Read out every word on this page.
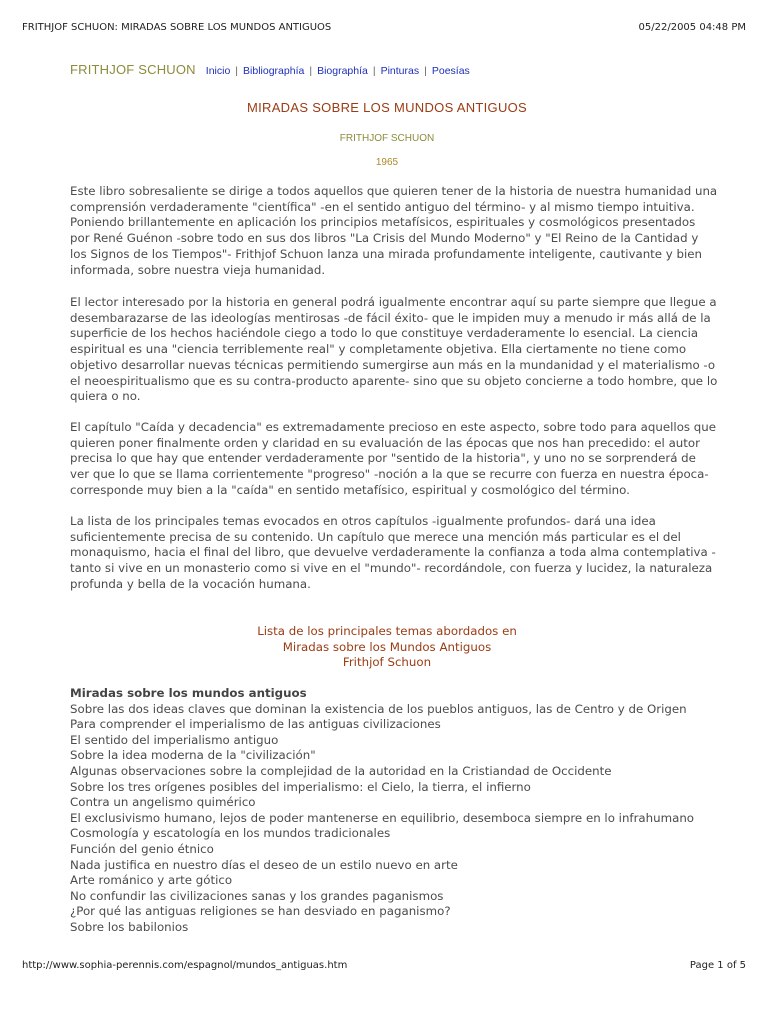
FRITHJOF SCHUON: MIRADAS SOBRE LOS MUNDOS ANTIGUOS	05/22/2005 04:48 PM
FRITHJOF SCHUON Inicio | Bibliographía | Biographía | Pinturas | Poesías
MIRADAS SOBRE LOS MUNDOS ANTIGUOS
FRITHJOF SCHUON
1965

Este libro sobresaliente se dirige a todos aquellos que quieren tener de la historia de nuestra humanidad una comprensión verdaderamente "científica" -en el sentido antiguo del término- y al mismo tiempo intuitiva. Poniendo brillantemente en aplicación los principios metafísicos, espirituales y cosmológicos presentados por René Guénon -sobre todo en sus dos libros "La Crisis del Mundo Moderno" y "El Reino de la Cantidad y los Signos de los Tiempos"- Frithjof Schuon lanza una mirada profundamente inteligente, cautivante y bien informada, sobre nuestra vieja humanidad.

El lector interesado por la historia en general podrá igualmente encontrar aquí su parte siempre que llegue a desembarazarse de las ideologías mentirosas -de fácil éxito- que le impiden muy a menudo ir más allá de la superficie de los hechos haciéndole ciego a todo lo que constituye verdaderamente lo esencial. La ciencia espiritual es una "ciencia terriblemente real" y completamente objetiva. Ella ciertamente no tiene como objetivo desarrollar nuevas técnicas permitiendo sumergirse aun más en la mundanidad y el materialismo -o el neoespiritualismo que es su contra-producto aparente- sino que su objeto concierne a todo hombre, que lo quiera o no.

El capítulo "Caída y decadencia" es extremadamente precioso en este aspecto, sobre todo para aquellos que quieren poner finalmente orden y claridad en su evaluación de las épocas que nos han precedido: el autor precisa lo que hay que entender verdaderamente por "sentido de la historia", y uno no se sorprenderá de ver que lo que se llama corrientemente "progreso" -noción a la que se recurre con fuerza en nuestra época- corresponde muy bien a la "caída" en sentido metafísico, espiritual y cosmológico del término.

La lista de los principales temas evocados en otros capítulos -igualmente profundos- dará una idea suficientemente precisa de su contenido. Un capítulo que merece una mención más particular es el del monaquismo, hacia el final del libro, que devuelve verdaderamente la confianza a toda alma contemplativa -tanto si vive en un monasterio como si vive en el "mundo"- recordándole, con fuerza y lucidez, la naturaleza profunda y bella de la vocación humana.

Lista de los principales temas abordados en
Miradas sobre los Mundos Antiguos
Frithjof Schuon
Miradas sobre los mundos antiguos
Sobre las dos ideas claves que dominan la existencia de los pueblos antiguos, las de Centro y de Origen
Para comprender el imperialismo de las antiguas civilizaciones
El sentido del imperialismo antiguo
Sobre la idea moderna de la "civilización"
Algunas observaciones sobre la complejidad de la autoridad en la Cristiandad de Occidente
Sobre los tres orígenes posibles del imperialismo: el Cielo, la tierra, el infierno
Contra un angelismo quimérico
El exclusivismo humano, lejos de poder mantenerse en equilibrio, desemboca siempre en lo infrahumano
Cosmología y escatología en los mundos tradicionales
Función del genio étnico
Nada justifica en nuestro días el deseo de un estilo nuevo en arte
Arte románico y arte gótico
No confundir las civilizaciones sanas y los grandes paganismos
¿Por qué las antiguas religiones se han desviado en paganismo?
Sobre los babilonios
http://www.sophia-perennis.com/espagnol/mundos_antiguas.htm	Page 1 of 5
